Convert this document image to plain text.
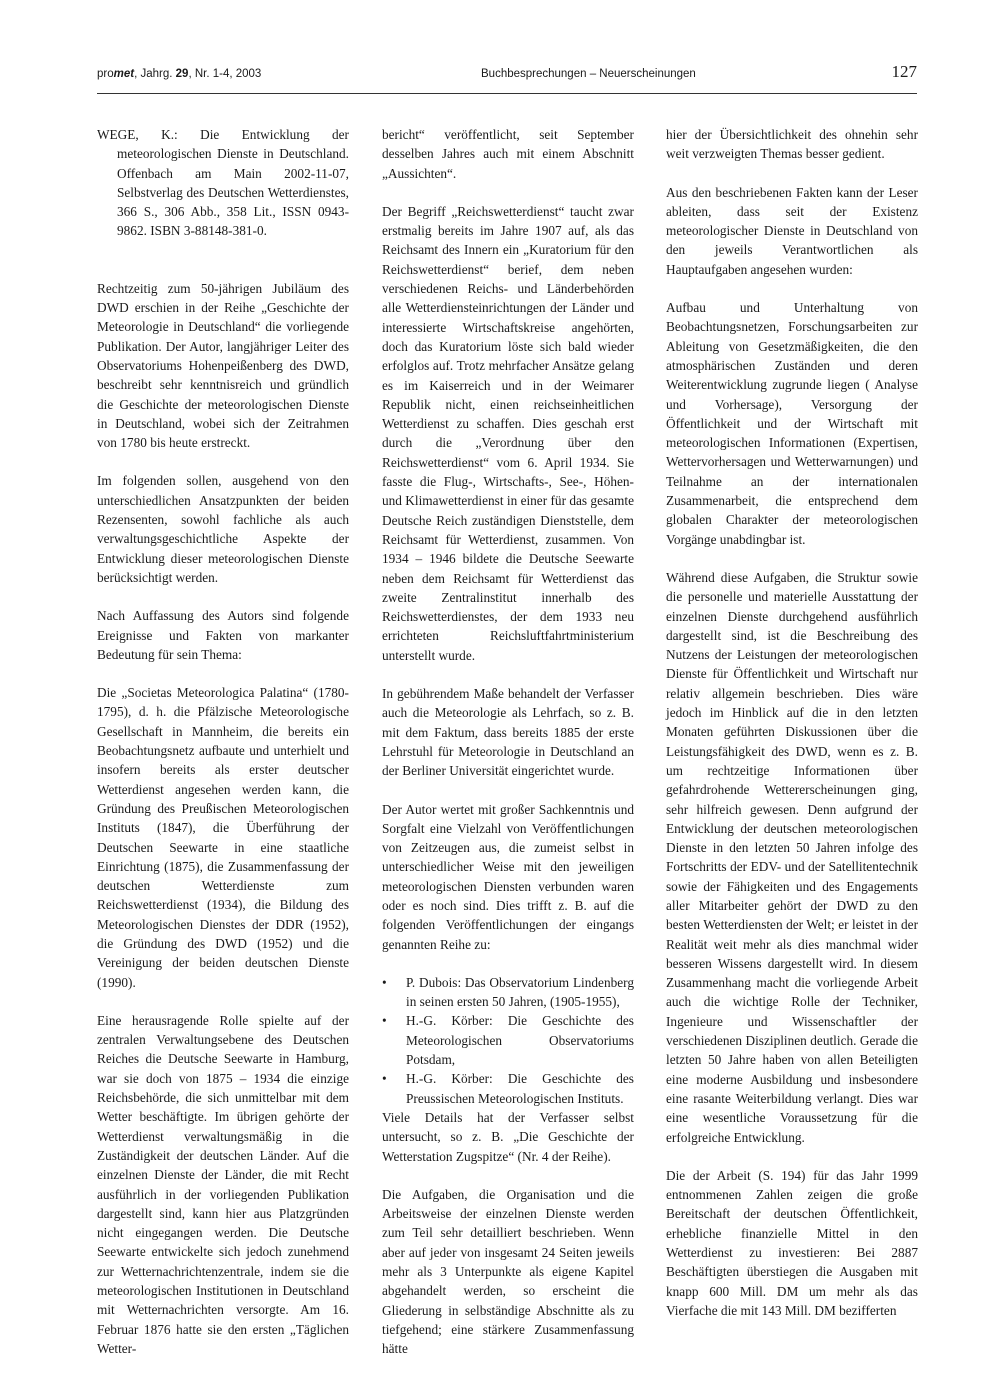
promet, Jahrg. 29, Nr. 1-4, 2003	Buchbesprechungen – Neuerscheinungen	127

WEGE, K.: Die Entwicklung der meteorologischen Dienste in Deutschland. Offenbach am Main 2002-11-07, Selbstverlag des Deutschen Wetterdienstes, 366 S., 306 Abb., 358 Lit., ISSN 0943-9862. ISBN 3-88148-381-0.

Rechtzeitig zum 50-jährigen Jubiläum des DWD erschien in der Reihe „Geschichte der Meteorologie in Deutschland“ die vorliegende Publikation. Der Autor, langjähriger Leiter des Observatoriums Hohenpeißenberg des DWD, beschreibt sehr kenntnisreich und gründlich die Geschichte der meteorologischen Dienste in Deutschland, wobei sich der Zeitrahmen von 1780 bis heute erstreckt.

Im folgenden sollen, ausgehend von den unterschiedlichen Ansatzpunkten der beiden Rezensenten, sowohl fachliche als auch verwaltungsgeschichtliche Aspekte der Entwicklung dieser meteorologischen Dienste berücksichtigt werden.

Nach Auffassung des Autors sind folgende Ereignisse und Fakten von markanter Bedeutung für sein Thema:

Die „Societas Meteorologica Palatina“ (1780-1795), d. h. die Pfälzische Meteorologische Gesellschaft in Mannheim, die bereits ein Beobachtungsnetz aufbaute und unterhielt und insofern bereits als erster deutscher Wetterdienst angesehen werden kann, die Gründung des Preußischen Meteorologischen Instituts (1847), die Überführung der Deutschen Seewarte in eine staatliche Einrichtung (1875), die Zusammenfassung der deutschen Wetterdienste zum Reichswetterdienst (1934), die Bildung des Meteorologischen Dienstes der DDR (1952), die Gründung des DWD (1952) und die Vereinigung der beiden deutschen Dienste (1990).

Eine herausragende Rolle spielte auf der zentralen Verwaltungsebene des Deutschen Reiches die Deutsche Seewarte in Hamburg, war sie doch von 1875 – 1934 die einzige Reichsbehörde, die sich unmittelbar mit dem Wetter beschäftigte. Im übrigen gehörte der Wetterdienst verwaltungsmäßig in die Zuständigkeit der deutschen Länder. Auf die einzelnen Dienste der Länder, die mit Recht ausführlich in der vorliegenden Publikation dargestellt sind, kann hier aus Platzgründen nicht eingegangen werden. Die Deutsche Seewarte entwickelte sich jedoch zunehmend zur Wetternachrichtenzentrale, indem sie die meteorologischen Institutionen in Deutschland mit Wetternachrichten versorgte. Am 16. Februar 1876 hatte sie den ersten „Täglichen Wetter-

bericht“ veröffentlicht, seit September desselben Jahres auch mit einem Abschnitt „Aussichten“.

Der Begriff „Reichswetterdienst“ taucht zwar erstmalig bereits im Jahre 1907 auf, als das Reichsamt des Innern ein „Kuratorium für den Reichswetterdienst“ berief, dem neben verschiedenen Reichs- und Länderbehörden alle Wetterdiensteinrichtungen der Länder und interessierte Wirtschaftskreise angehörten, doch das Kuratorium löste sich bald wieder erfolglos auf. Trotz mehrfacher Ansätze gelang es im Kaiserreich und in der Weimarer Republik nicht, einen reichseinheitlichen Wetterdienst zu schaffen. Dies geschah erst durch die „Verordnung über den Reichswetterdienst“ vom 6. April 1934. Sie fasste die Flug-, Wirtschafts-, See-, Höhen- und Klimawetterdienst in einer für das gesamte Deutsche Reich zuständigen Dienststelle, dem Reichsamt für Wetterdienst, zusammen. Von 1934 – 1946 bildete die Deutsche Seewarte neben dem Reichsamt für Wetterdienst das zweite Zentralinstitut innerhalb des Reichswetterdienstes, der dem 1933 neu errichteten Reichsluftfahrtministerium unterstellt wurde.

In gebührendem Maße behandelt der Verfasser auch die Meteorologie als Lehrfach, so z. B. mit dem Faktum, dass bereits 1885 der erste Lehrstuhl für Meteorologie in Deutschland an der Berliner Universität eingerichtet wurde.

Der Autor wertet mit großer Sachkenntnis und Sorgfalt eine Vielzahl von Veröffentlichungen von Zeitzeugen aus, die zumeist selbst in unterschiedlicher Weise mit den jeweiligen meteorologischen Diensten verbunden waren oder es noch sind. Dies trifft z. B. auf die folgenden Veröffentlichungen der eingangs genannten Reihe zu:

• P. Dubois: Das Observatorium Lindenberg in seinen ersten 50 Jahren, (1905-1955),
• H.-G. Körber: Die Geschichte des Meteorologischen Observatoriums Potsdam,
• H.-G. Körber: Die Geschichte des Preussischen Meteorologischen Instituts.

Viele Details hat der Verfasser selbst untersucht, so z. B. „Die Geschichte der Wetterstation Zugspitze“ (Nr. 4 der Reihe).

Die Aufgaben, die Organisation und die Arbeitsweise der einzelnen Dienste werden zum Teil sehr detailliert beschrieben. Wenn aber auf jeder von insgesamt 24 Seiten jeweils mehr als 3 Unterpunkte als eigene Kapitel abgehandelt werden, so erscheint die Gliederung in selbständige Abschnitte als zu tiefgehend; eine stärkere Zusammenfassung hätte

hier der Übersichtlichkeit des ohnehin sehr weit verzweigten Themas besser gedient.

Aus den beschriebenen Fakten kann der Leser ableiten, dass seit der Existenz meteorologischer Dienste in Deutschland von den jeweils Verantwortlichen als Hauptaufgaben angesehen wurden:

Aufbau und Unterhaltung von Beobachtungsnetzen, Forschungsarbeiten zur Ableitung von Gesetzmäßigkeiten, die den atmosphärischen Zuständen und deren Weiterentwicklung zugrunde liegen ( Analyse und Vorhersage), Versorgung der Öffentlichkeit und der Wirtschaft mit meteorologischen Informationen (Expertisen, Wettervorhersagen und Wetterwarnungen) und Teilnahme an der internationalen Zusammenarbeit, die entsprechend dem globalen Charakter der meteorologischen Vorgänge unabdingbar ist.

Während diese Aufgaben, die Struktur sowie die personelle und materielle Ausstattung der einzelnen Dienste durchgehend ausführlich dargestellt sind, ist die Beschreibung des Nutzens der Leistungen der meteorologischen Dienste für Öffentlichkeit und Wirtschaft nur relativ allgemein beschrieben. Dies wäre jedoch im Hinblick auf die in den letzten Monaten geführten Diskussionen über die Leistungsfähigkeit des DWD, wenn es z. B. um rechtzeitige Informationen über gefahrdrohende Wettererscheinungen ging, sehr hilfreich gewesen. Denn aufgrund der Entwicklung der deutschen meteorologischen Dienste in den letzten 50 Jahren infolge des Fortschritts der EDV- und der Satellitentechnik sowie der Fähigkeiten und des Engagements aller Mitarbeiter gehört der DWD zu den besten Wetterdiensten der Welt; er leistet in der Realität weit mehr als dies manchmal wider besseren Wissens dargestellt wird. In diesem Zusammenhang macht die vorliegende Arbeit auch die wichtige Rolle der Techniker, Ingenieure und Wissenschaftler der verschiedenen Disziplinen deutlich. Gerade die letzten 50 Jahre haben von allen Beteiligten eine moderne Ausbildung und insbesondere eine rasante Weiterbildung verlangt. Dies war eine wesentliche Voraussetzung für die erfolgreiche Entwicklung.

Die der Arbeit (S. 194) für das Jahr 1999 entnommenen Zahlen zeigen die große Bereitschaft der deutschen Öffentlichkeit, erhebliche finanzielle Mittel in den Wetterdienst zu investieren: Bei 2887 Beschäftigten überstiegen die Ausgaben mit knapp 600 Mill. DM um mehr als das Vierfache die mit 143 Mill. DM bezifferten
